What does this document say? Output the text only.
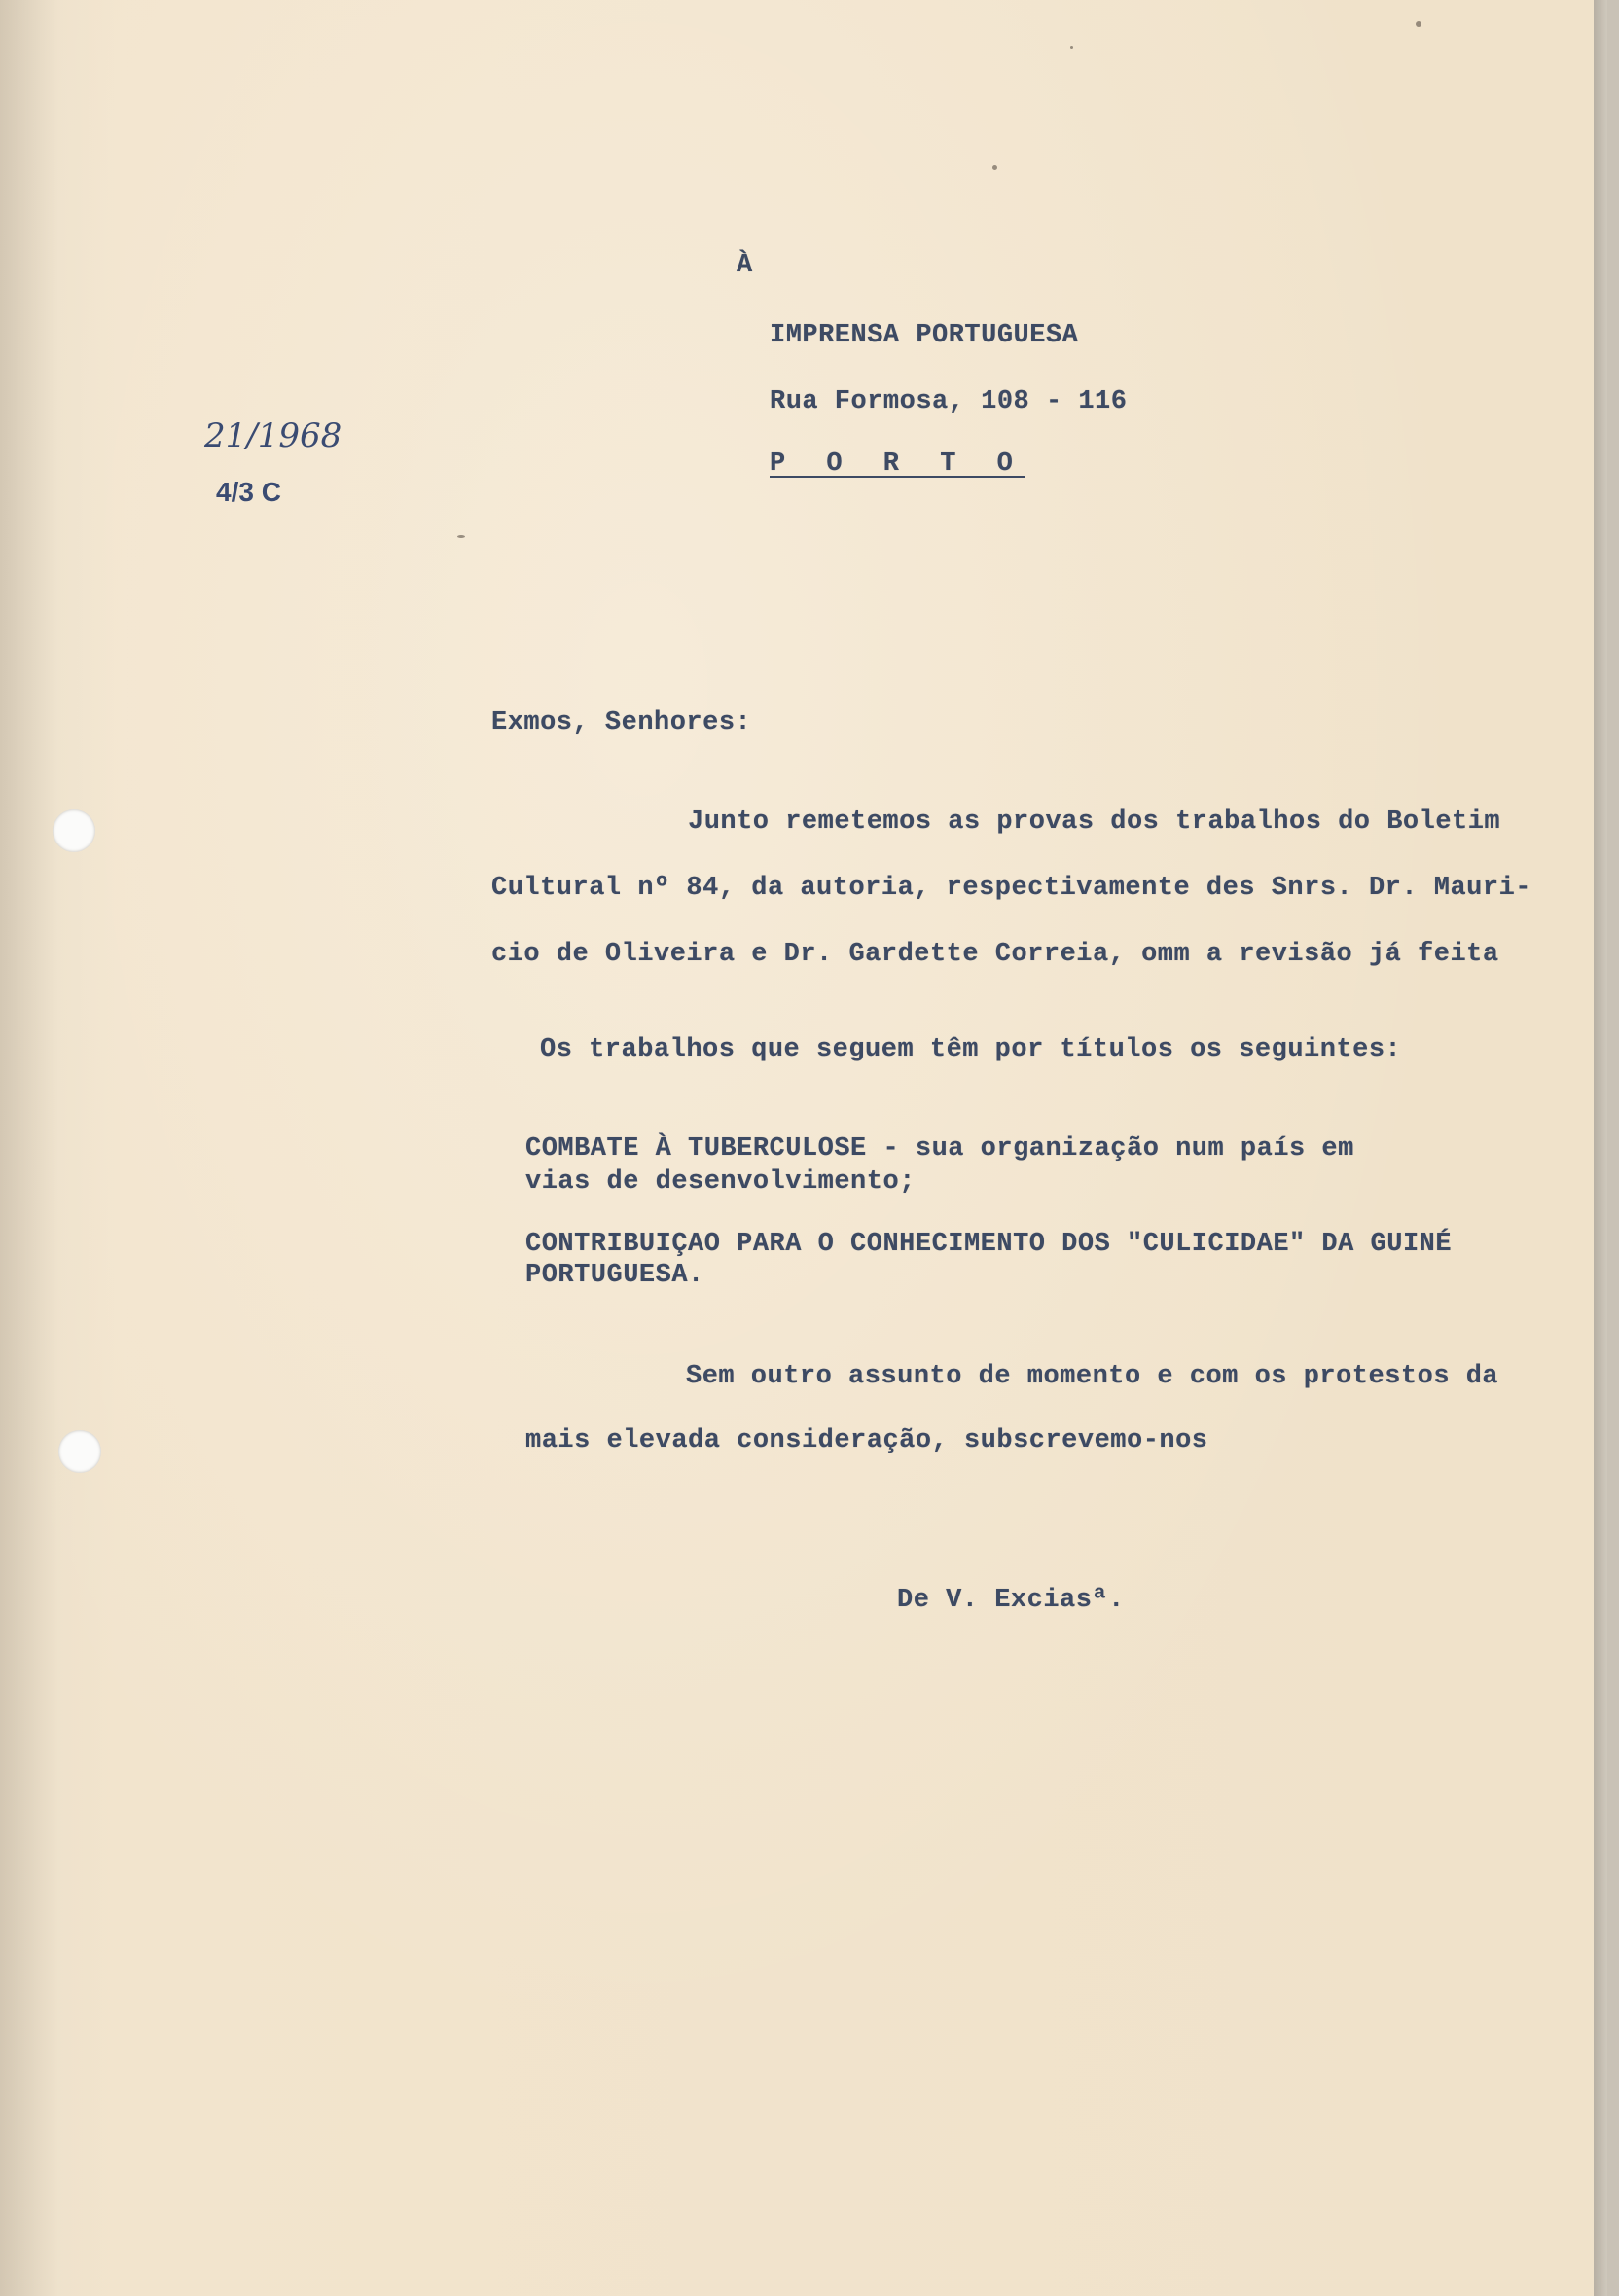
À
IMPRENSA PORTUGUESA
Rua Formosa, 108 - 116
P O R T O
21/1968
4/3 C
Exmos, Senhores:
Junto remetemos as provas dos trabalhos do Boletim
Cultural nº 84, da autoria, respectivamente des Snrs. Dr. Mauri-
cio de Oliveira e Dr. Gardette Correia, omm a revisão já feita
Os trabalhos que seguem têm por títulos os seguintes:
COMBATE À TUBERCULOSE - sua organização num país em
vias de desenvolvimento;
CONTRIBUIÇAO PARA O CONHECIMENTO DOS "CULICIDAE" DA GUINÉ
PORTUGUESA.
Sem outro assunto de momento e com os protestos da
mais elevada consideração, subscrevemo-nos
De V. Exciasª.
